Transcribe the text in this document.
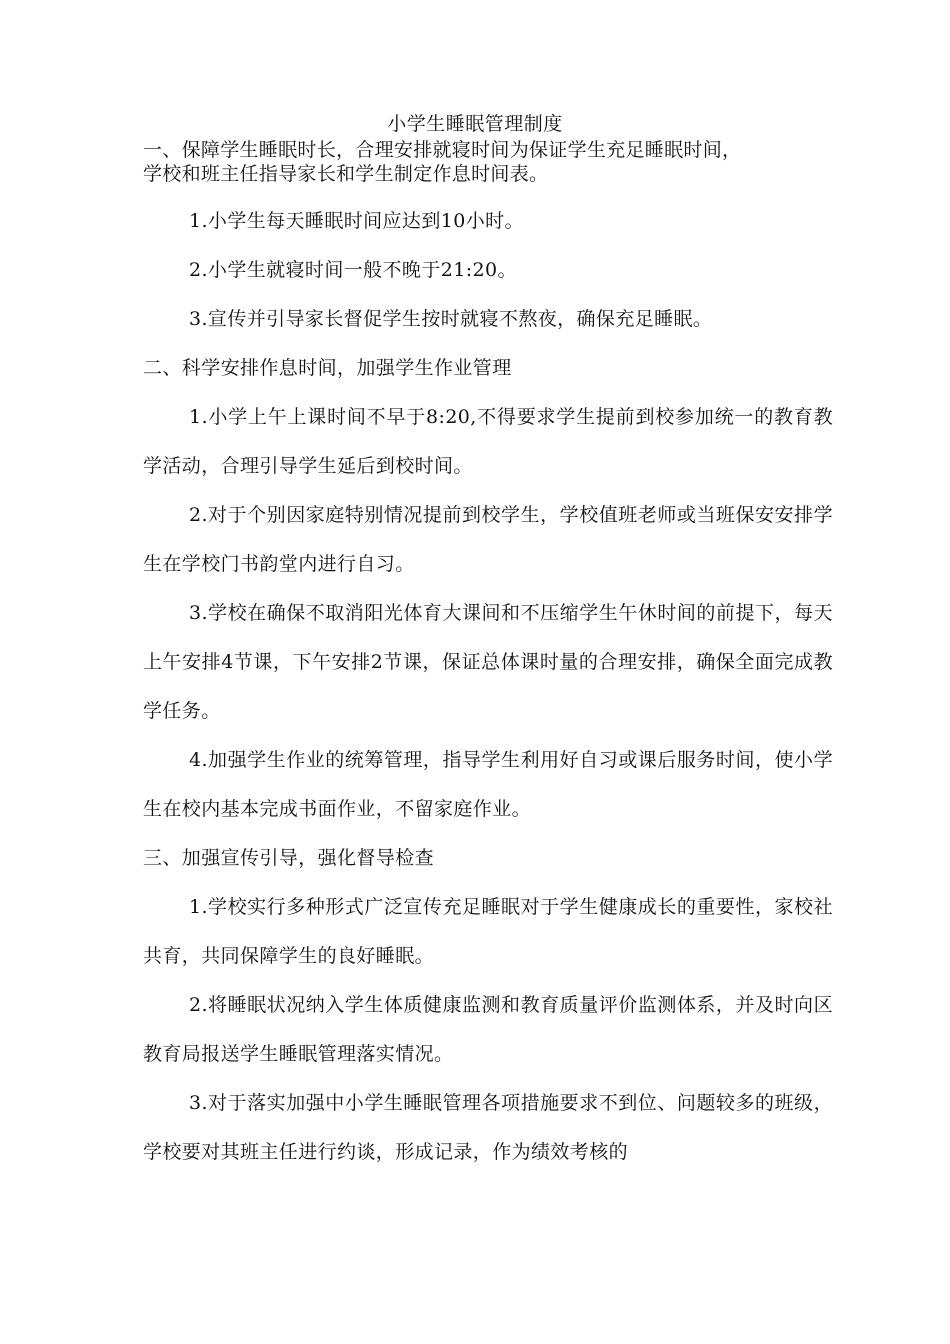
小学生睡眠管理制度
一、保障学生睡眠时长，合理安排就寝时间为保证学生充足睡眠时间，
学校和班主任指导家长和学生制定作息时间表。

1.小学生每天睡眠时间应达到10小时。

2.小学生就寝时间一般不晚于21:20。

3.宣传并引导家长督促学生按时就寝不熬夜，确保充足睡眠。

二、科学安排作息时间，加强学生作业管理

1.小学上午上课时间不早于8:20,不得要求学生提前到校参加统一的教育教学活动，合理引导学生延后到校时间。

2.对于个别因家庭特别情况提前到校学生，学校值班老师或当班保安安排学生在学校门书韵堂内进行自习。

3.学校在确保不取消阳光体育大课间和不压缩学生午休时间的前提下，每天上午安排4节课，下午安排2节课，保证总体课时量的合理安排，确保全面完成教学任务。

4.加强学生作业的统筹管理，指导学生利用好自习或课后服务时间，使小学生在校内基本完成书面作业，不留家庭作业。

三、加强宣传引导，强化督导检查

1.学校实行多种形式广泛宣传充足睡眠对于学生健康成长的重要性，家校社共育，共同保障学生的良好睡眠。

2.将睡眠状况纳入学生体质健康监测和教育质量评价监测体系，并及时向区教育局报送学生睡眠管理落实情况。

3.对于落实加强中小学生睡眠管理各项措施要求不到位、问题较多的班级，学校要对其班主任进行约谈，形成记录，作为绩效考核的
